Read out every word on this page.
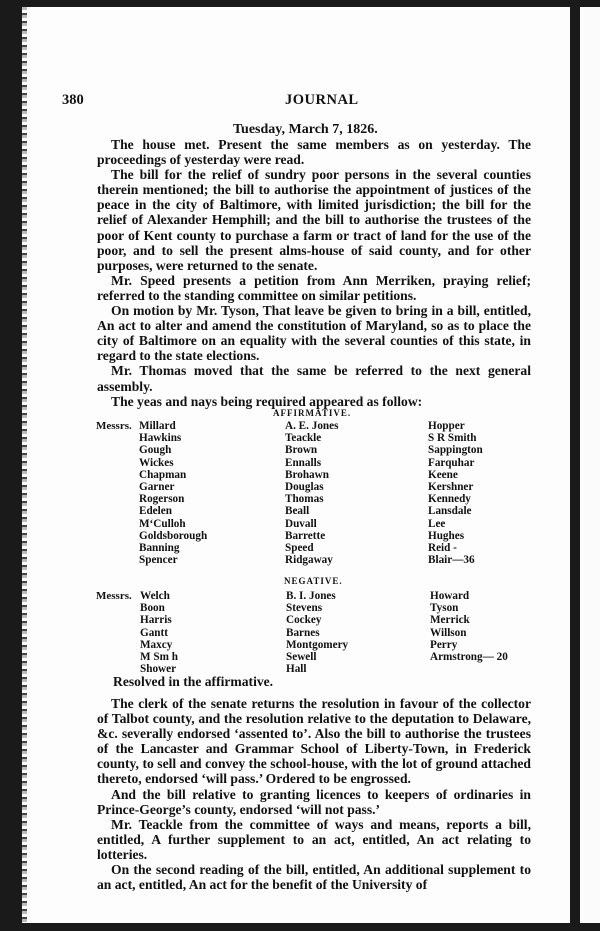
380	JOURNAL
Tuesday, March 7, 1826.

The house met. Present the same members as on yesterday. The proceedings of yesterday were read.

The bill for the relief of sundry poor persons in the several counties therein mentioned; the bill to authorise the appointment of justices of the peace in the city of Baltimore, with limited jurisdiction; the bill for the relief of Alexander Hemphill; and the bill to authorise the trustees of the poor of Kent county to purchase a farm or tract of land for the use of the poor, and to sell the present alms-house of said county, and for other purposes, were returned to the senate.

Mr. Speed presents a petition from Ann Merriken, praying relief; referred to the standing committee on similar petitions.

On motion by Mr. Tyson, That leave be given to bring in a bill, entitled, An act to alter and amend the constitution of Maryland, so as to place the city of Baltimore on an equality with the several counties of this state, in regard to the state elections.

Mr. Thomas moved that the same be referred to the next general assembly.

The yeas and nays being required appeared as follow:

AFFIRMATIVE.
Messrs. Millard
Hawkins
Gough
Wickes
Chapman
Garner
Rogerson
Edelen
M‘Culloh
Goldsborough
Banning
Spencer
A. E. Jones
Teackle
Brown
Ennalls
Brohawn
Douglas
Thomas
Beall
Duvall
Barrette
Speed
Ridgaway
Hopper
S R Smith
Sappington
Farquhar
Keene
Kershner
Kennedy
Lansdale
Lee
Hughes
Reid -
Blair—36
NEGATIVE.
Messrs. Welch
Boon
Harris
Gantt
Maxcy
M Sm h
Shower
B. I. Jones
Stevens
Cockey
Barnes
Montgomery
Sewell
Hall
Howard
Tyson
Merrick
Willson
Perry
Armstrong— 20
Resolved in the affirmative.

The clerk of the senate returns the resolution in favour of the collector of Talbot county, and the resolution relative to the deputation to Delaware, &c. severally endorsed ‘assented to’. Also the bill to authorise the trustees of the Lancaster and Grammar School of Liberty-Town, in Frederick county, to sell and convey the school-house, with the lot of ground attached thereto, endorsed ‘will pass.’ Ordered to be engrossed.

And the bill relative to granting licences to keepers of ordinaries in Prince-George’s county, endorsed ‘will not pass.’

Mr. Teackle from the committee of ways and means, reports a bill, entitled, A further supplement to an act, entitled, An act relating to lotteries.

On the second reading of the bill, entitled, An additional supplement to an act, entitled, An act for the benefit of the University of
